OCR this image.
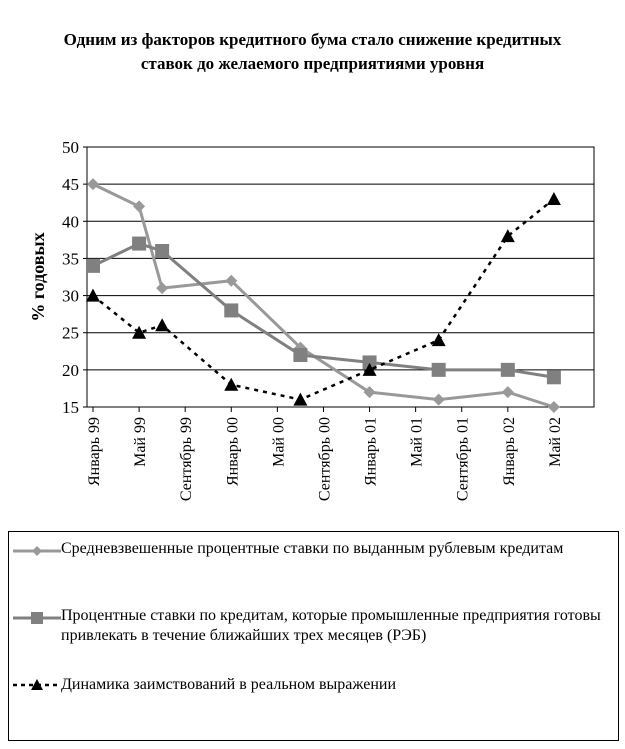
Одним из факторов кредитного бума стало снижение кредитных ставок до желаемого предприятиями уровня
15
20
25
30
35
40
45
50
Январь 99 Май 99 Сентябрь 99 Январь 00 Май 00 Сентябрь 00 Январь 01 Май 01 Сентябрь 01 Январь 02 Май 02
% годовых
Средневзвешенные процентные ставки по выданным рублевым кредитам
Процентные ставки по кредитам, которые промышленные предприятия готовы привлекать в течение ближайших трех месяцев (РЭБ)
Динамика заимствований в реальном выражении
